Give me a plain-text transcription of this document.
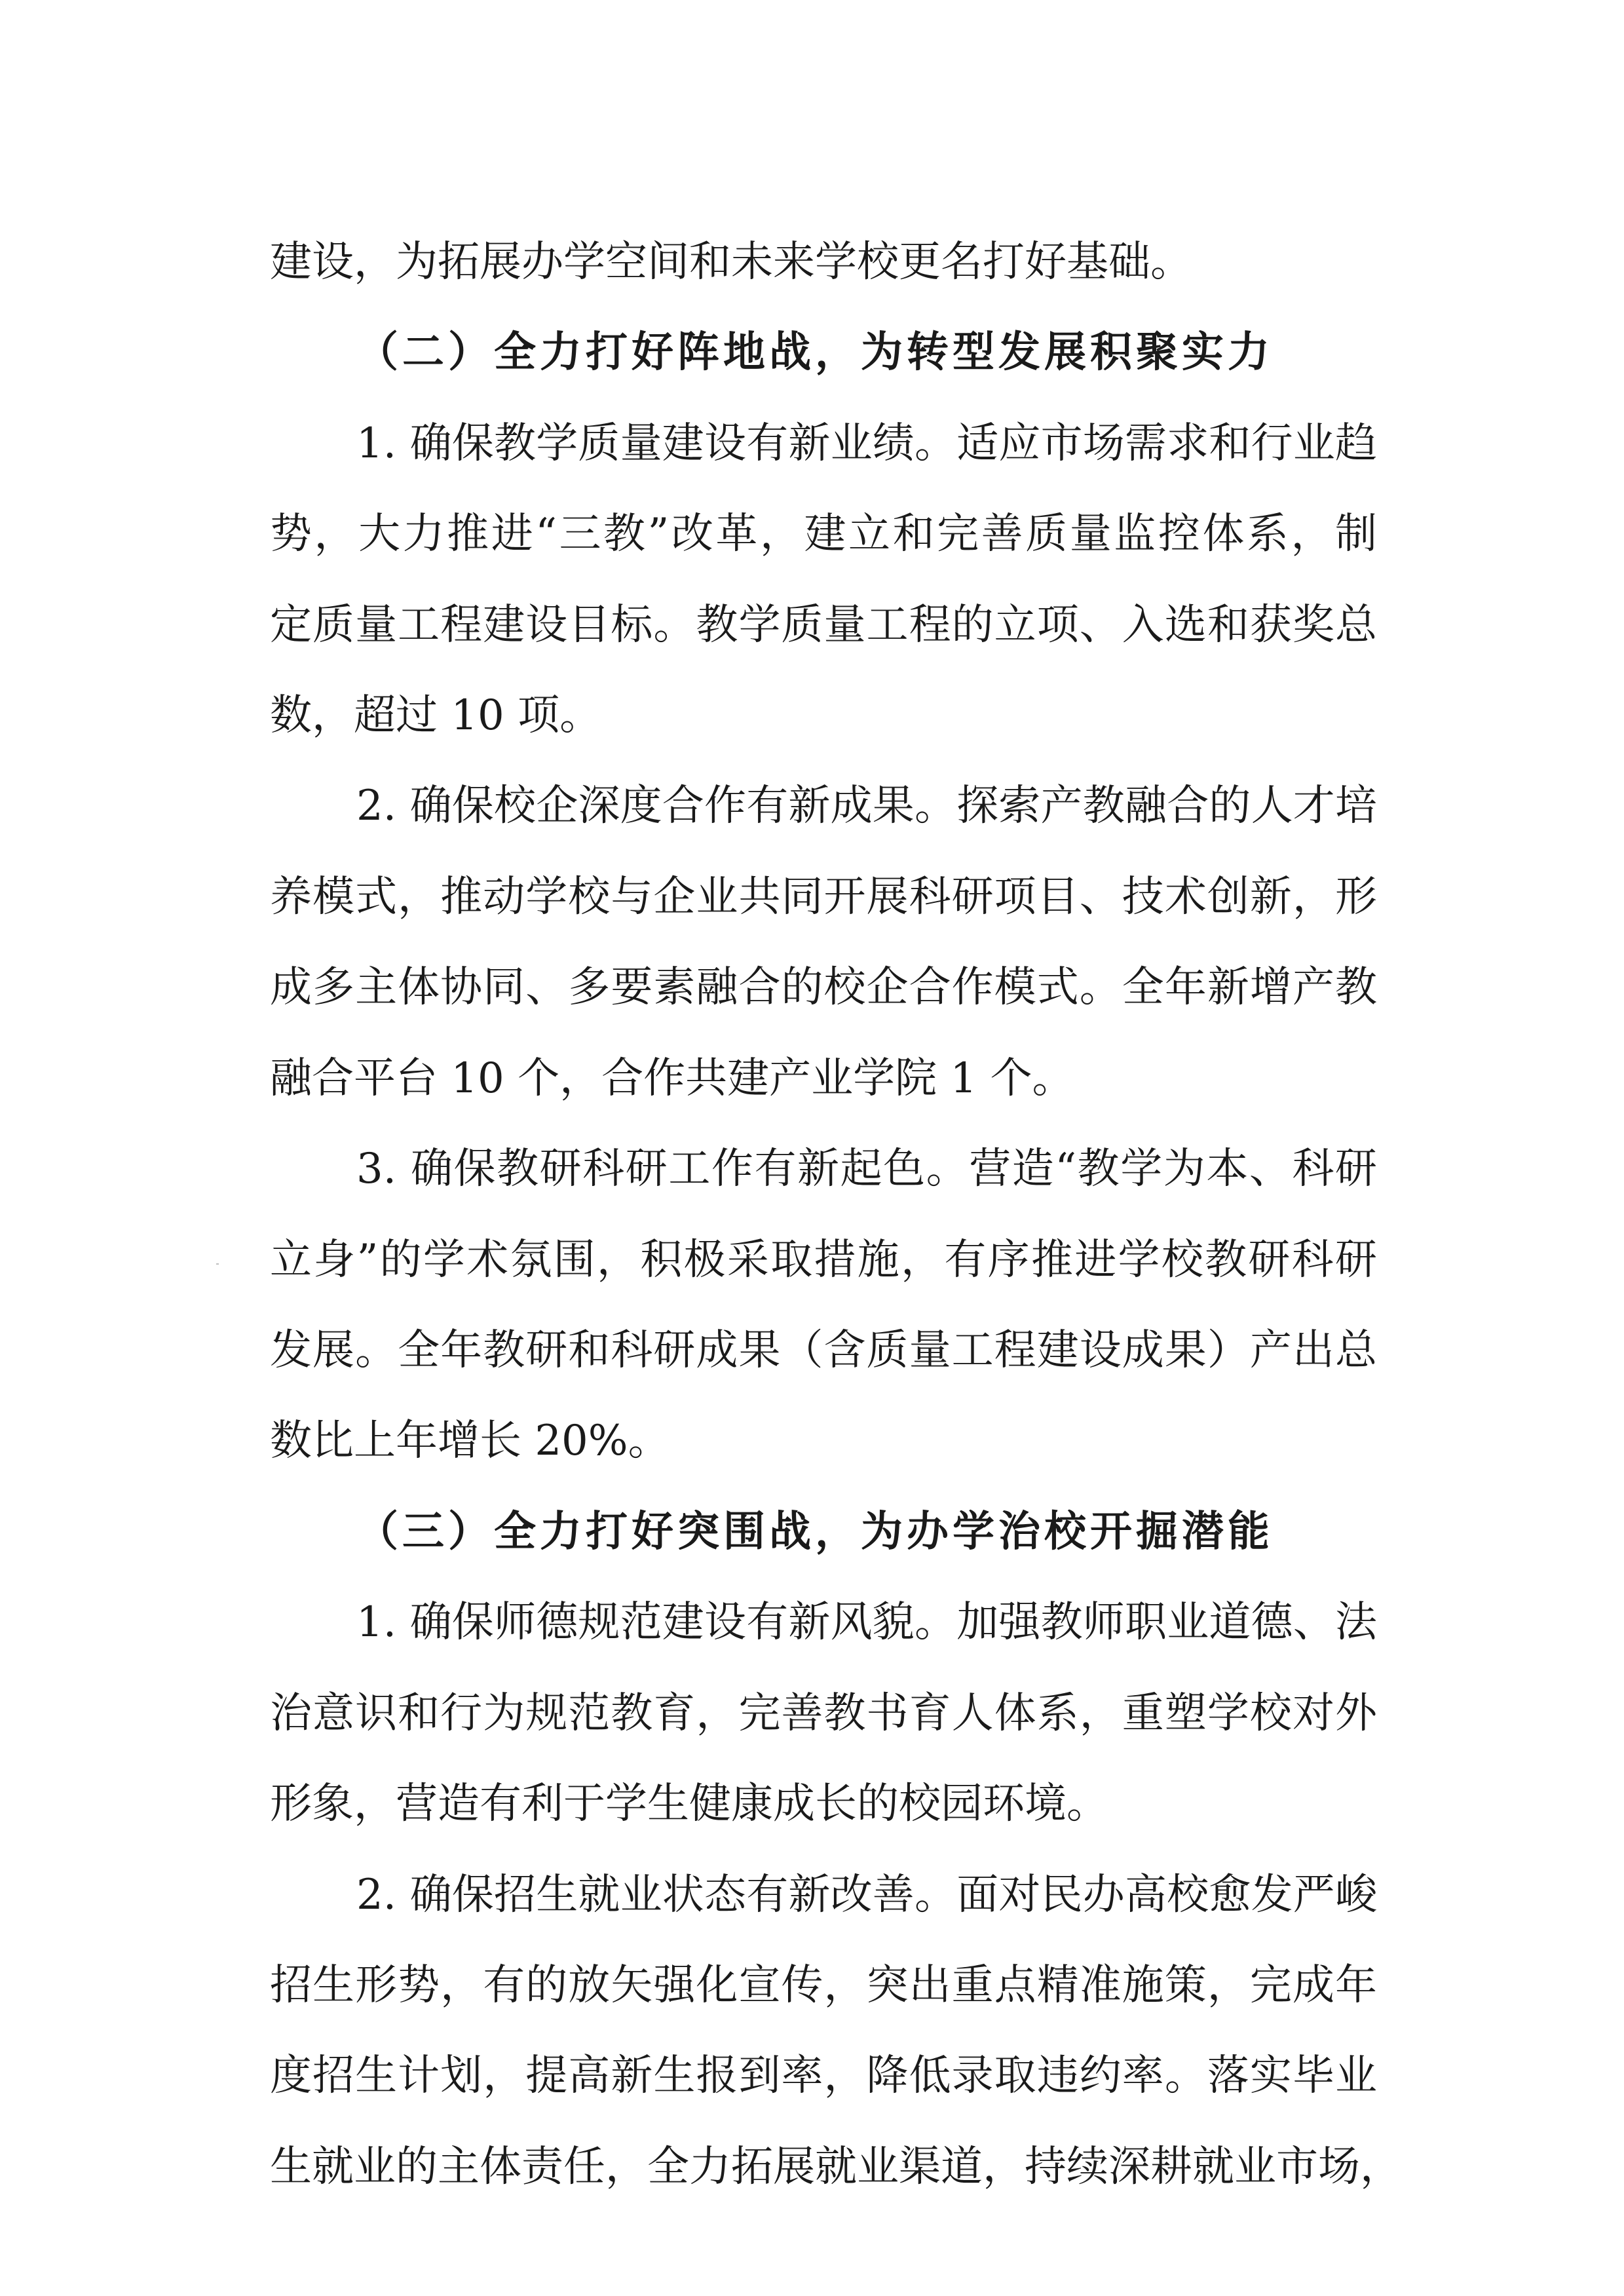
建设，为拓展办学空间和未来学校更名打好基础。
（二）全力打好阵地战，为转型发展积聚实力
1. 确保教学质量建设有新业绩。适应市场需求和行业趋
势，大力推进“三教”改革，建立和完善质量监控体系，制
定质量工程建设目标。教学质量工程的立项、入选和获奖总
数，超过 10 项。
2. 确保校企深度合作有新成果。探索产教融合的人才培
养模式，推动学校与企业共同开展科研项目、技术创新，形
成多主体协同、多要素融合的校企合作模式。全年新增产教
融合平台 10 个，合作共建产业学院 1 个。
3. 确保教研科研工作有新起色。营造“教学为本、科研
立身”的学术氛围，积极采取措施，有序推进学校教研科研
发展。全年教研和科研成果（含质量工程建设成果）产出总
数比上年增长 20%。
（三）全力打好突围战，为办学治校开掘潜能
1. 确保师德规范建设有新风貌。加强教师职业道德、法
治意识和行为规范教育，完善教书育人体系，重塑学校对外
形象，营造有利于学生健康成长的校园环境。
2. 确保招生就业状态有新改善。面对民办高校愈发严峻
招生形势，有的放矢强化宣传，突出重点精准施策，完成年
度招生计划，提高新生报到率，降低录取违约率。落实毕业
生就业的主体责任，全力拓展就业渠道，持续深耕就业市场，
